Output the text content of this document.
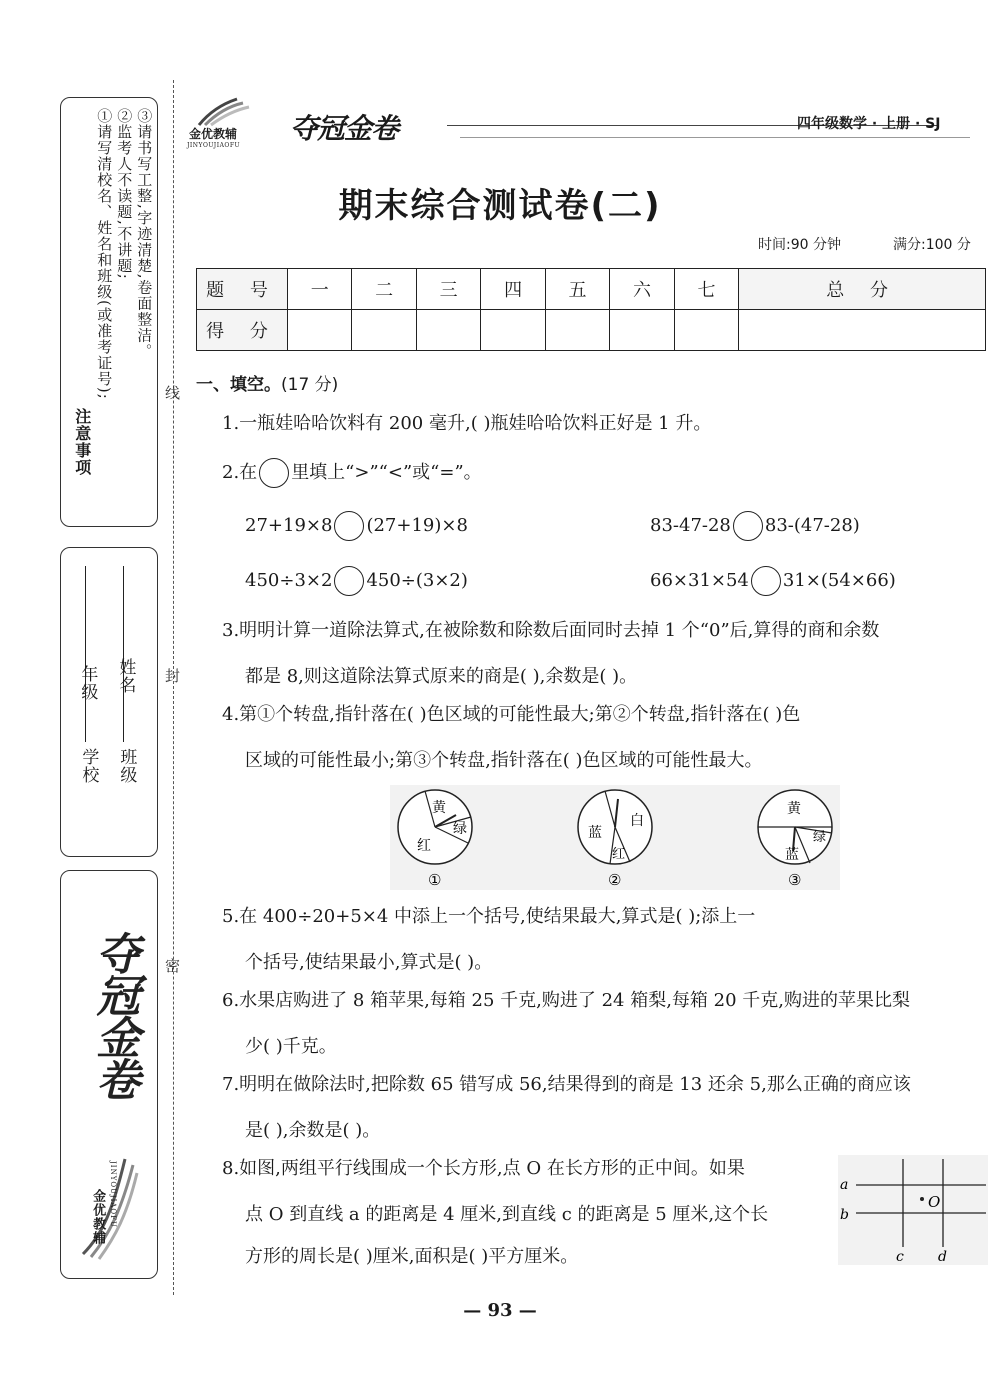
注意事项
①请写清校名、姓名和班级(或准考证号); ②监考人不读题,不讲题; ③请书写工整,字迹清楚,卷面整洁。
学校 班级
年级 姓名
夺冠金卷
金优教辅 JINYOUJIAOFU
线
封
密
金优教辅
JINYOUJIAOFU
夺冠金卷	四年级数学 · 上册 · SJ
期末综合测试卷(二)
时间:90 分钟	满分:100 分
题 号	一	二	三	四	五	六	七	总 分
得 分								
一、填空。(17 分)
1.一瓶娃哈哈饮料有 200 毫升,( )瓶娃哈哈饮料正好是 1 升。
2.在 里填上“>”“<”或“=”。
27+19×8 (27+19)×8	83-47-28 83-(47-28)
450÷3×2 450÷(3×2)	66×31×54 31×(54×66)
3.明明计算一道除法算式,在被除数和除数后面同时去掉 1 个“0”后,算得的商和余数
都是 8,则这道除法算式原来的商是( ),余数是( )。
4.第①个转盘,指针落在( )色区域的可能性最大;第②个转盘,指针落在( )色
区域的可能性最小;第③个转盘,指针落在( )色区域的可能性最大。
黄
绿
红
白
蓝
红
黄
绿
蓝
①	②	③
5.在 400÷20+5×4 中添上一个括号,使结果最大,算式是( );添上一
个括号,使结果最小,算式是( )。
6.水果店购进了 8 箱苹果,每箱 25 千克,购进了 24 箱梨,每箱 20 千克,购进的苹果比梨
少( )千克。
7.明明在做除法时,把除数 65 错写成 56,结果得到的商是 13 还余 5,那么正确的商应该
是( ),余数是( )。
8.如图,两组平行线围成一个长方形,点 O 在长方形的正中间。如果
点 O 到直线 a 的距离是 4 厘米,到直线 c 的距离是 5 厘米,这个长
方形的周长是( )厘米,面积是( )平方厘米。
a
b
c d
O
— 93 —
